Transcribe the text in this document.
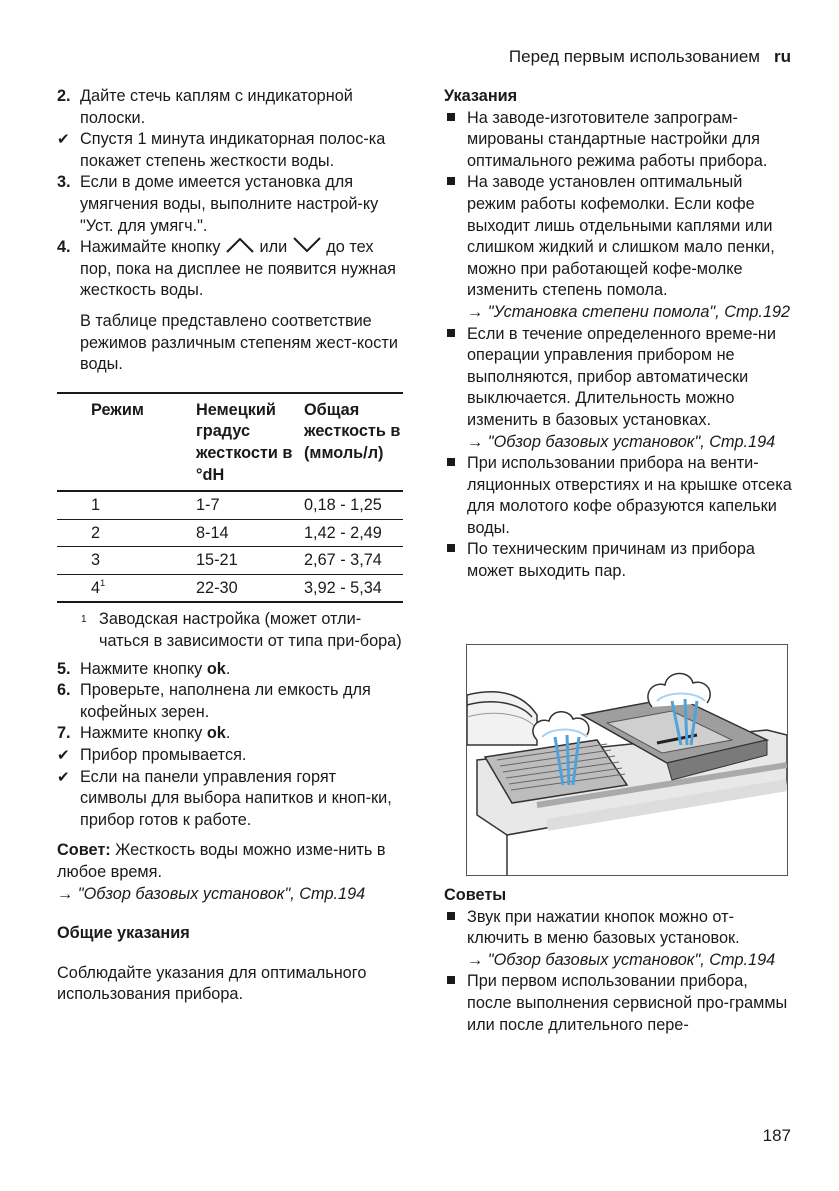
Перед первым использованием ru
2. Дайте стечь каплям с индикаторной полоски.
✔ Спустя 1 минута индикаторная полос-ка покажет степень жесткости воды.
3. Если в доме имеется установка для умягчения воды, выполните настрой-ку "Уст. для умягч.".
4. Нажимайте кнопку или до тех пор, пока на дисплее не появится нужная жесткость воды.
В таблице представлено соответствие режимов различным степеням жест-кости воды.
Режим	Немецкий градус жесткости в °dH	Общая жесткость в (ммоль/л)
1	1-7	0,18 - 1,25
2	8-14	1,42 - 2,49
3	15-21	2,67 - 3,74
$4^1$	22-30	3,92 - 5,34
1 Заводская настройка (может отли-чаться в зависимости от типа при-бора)
5. Нажмите кнопку ok.
6. Проверьте, наполнена ли емкость для кофейных зерен.
7. Нажмите кнопку ok.
✔ Прибор промывается.
✔ Если на панели управления горят символы для выбора напитков и кноп-ки, прибор готов к работе.
Совет: Жесткость воды можно изме-нить в любое время.
→ "Обзор базовых установок", Стр.194
Общие указания
Соблюдайте указания для оптимального использования прибора.
Указания
На заводе-изготовителе запрограм-мированы стандартные настройки для оптимального режима работы прибора.
На заводе установлен оптимальный режим работы кофемолки. Если кофе выходит лишь отдельными каплями или слишком жидкий и слишком мало пенки, можно при работающей кофе-молке изменить степень помола.
→ "Установка степени помола", Стр.192
Если в течение определенного време-ни операции управления прибором не выполняются, прибор автоматически выключается. Длительность можно изменить в базовых установках.
→ "Обзор базовых установок", Стр.194
При использовании прибора на венти-ляционных отверстиях и на крышке отсека для молотого кофе образуются капельки воды.
По техническим причинам из прибора может выходить пар.
Советы
Звук при нажатии кнопок можно от-ключить в меню базовых установок.
→ "Обзор базовых установок", Стр.194
При первом использовании прибора, после выполнения сервисной про-граммы или после длительного пере-
187
